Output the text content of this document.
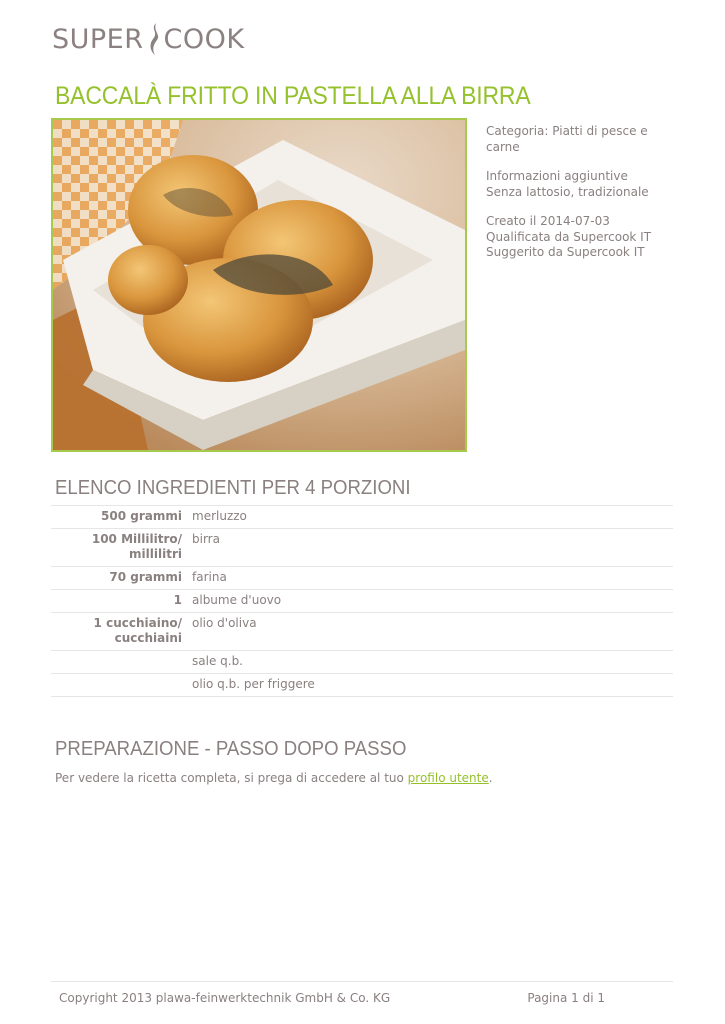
SUPER COOK
BACCALÀ FRITTO IN PASTELLA ALLA BIRRA

Categoria: Piatti di pesce e carne

Informazioni aggiuntive
Senza lattosio, tradizionale

Creato il 2014-07-03
Qualificata da Supercook IT
Suggerito da Supercook IT

ELENCO INGREDIENTI PER 4 PORZIONI
500 grammi merluzzo
100 Millilitro/ millilitri
birra
70 grammi farina
1 albume d'uovo
1 cucchiaino/ cucchiaini
olio d'oliva
sale q.b.
olio q.b. per friggere
PREPARAZIONE - PASSO DOPO PASSO
Per vedere la ricetta completa, si prega di accedere al tuo profilo utente.
Copyright 2013 plawa-feinwerktechnik GmbH & Co. KG	Pagina 1 di 1
